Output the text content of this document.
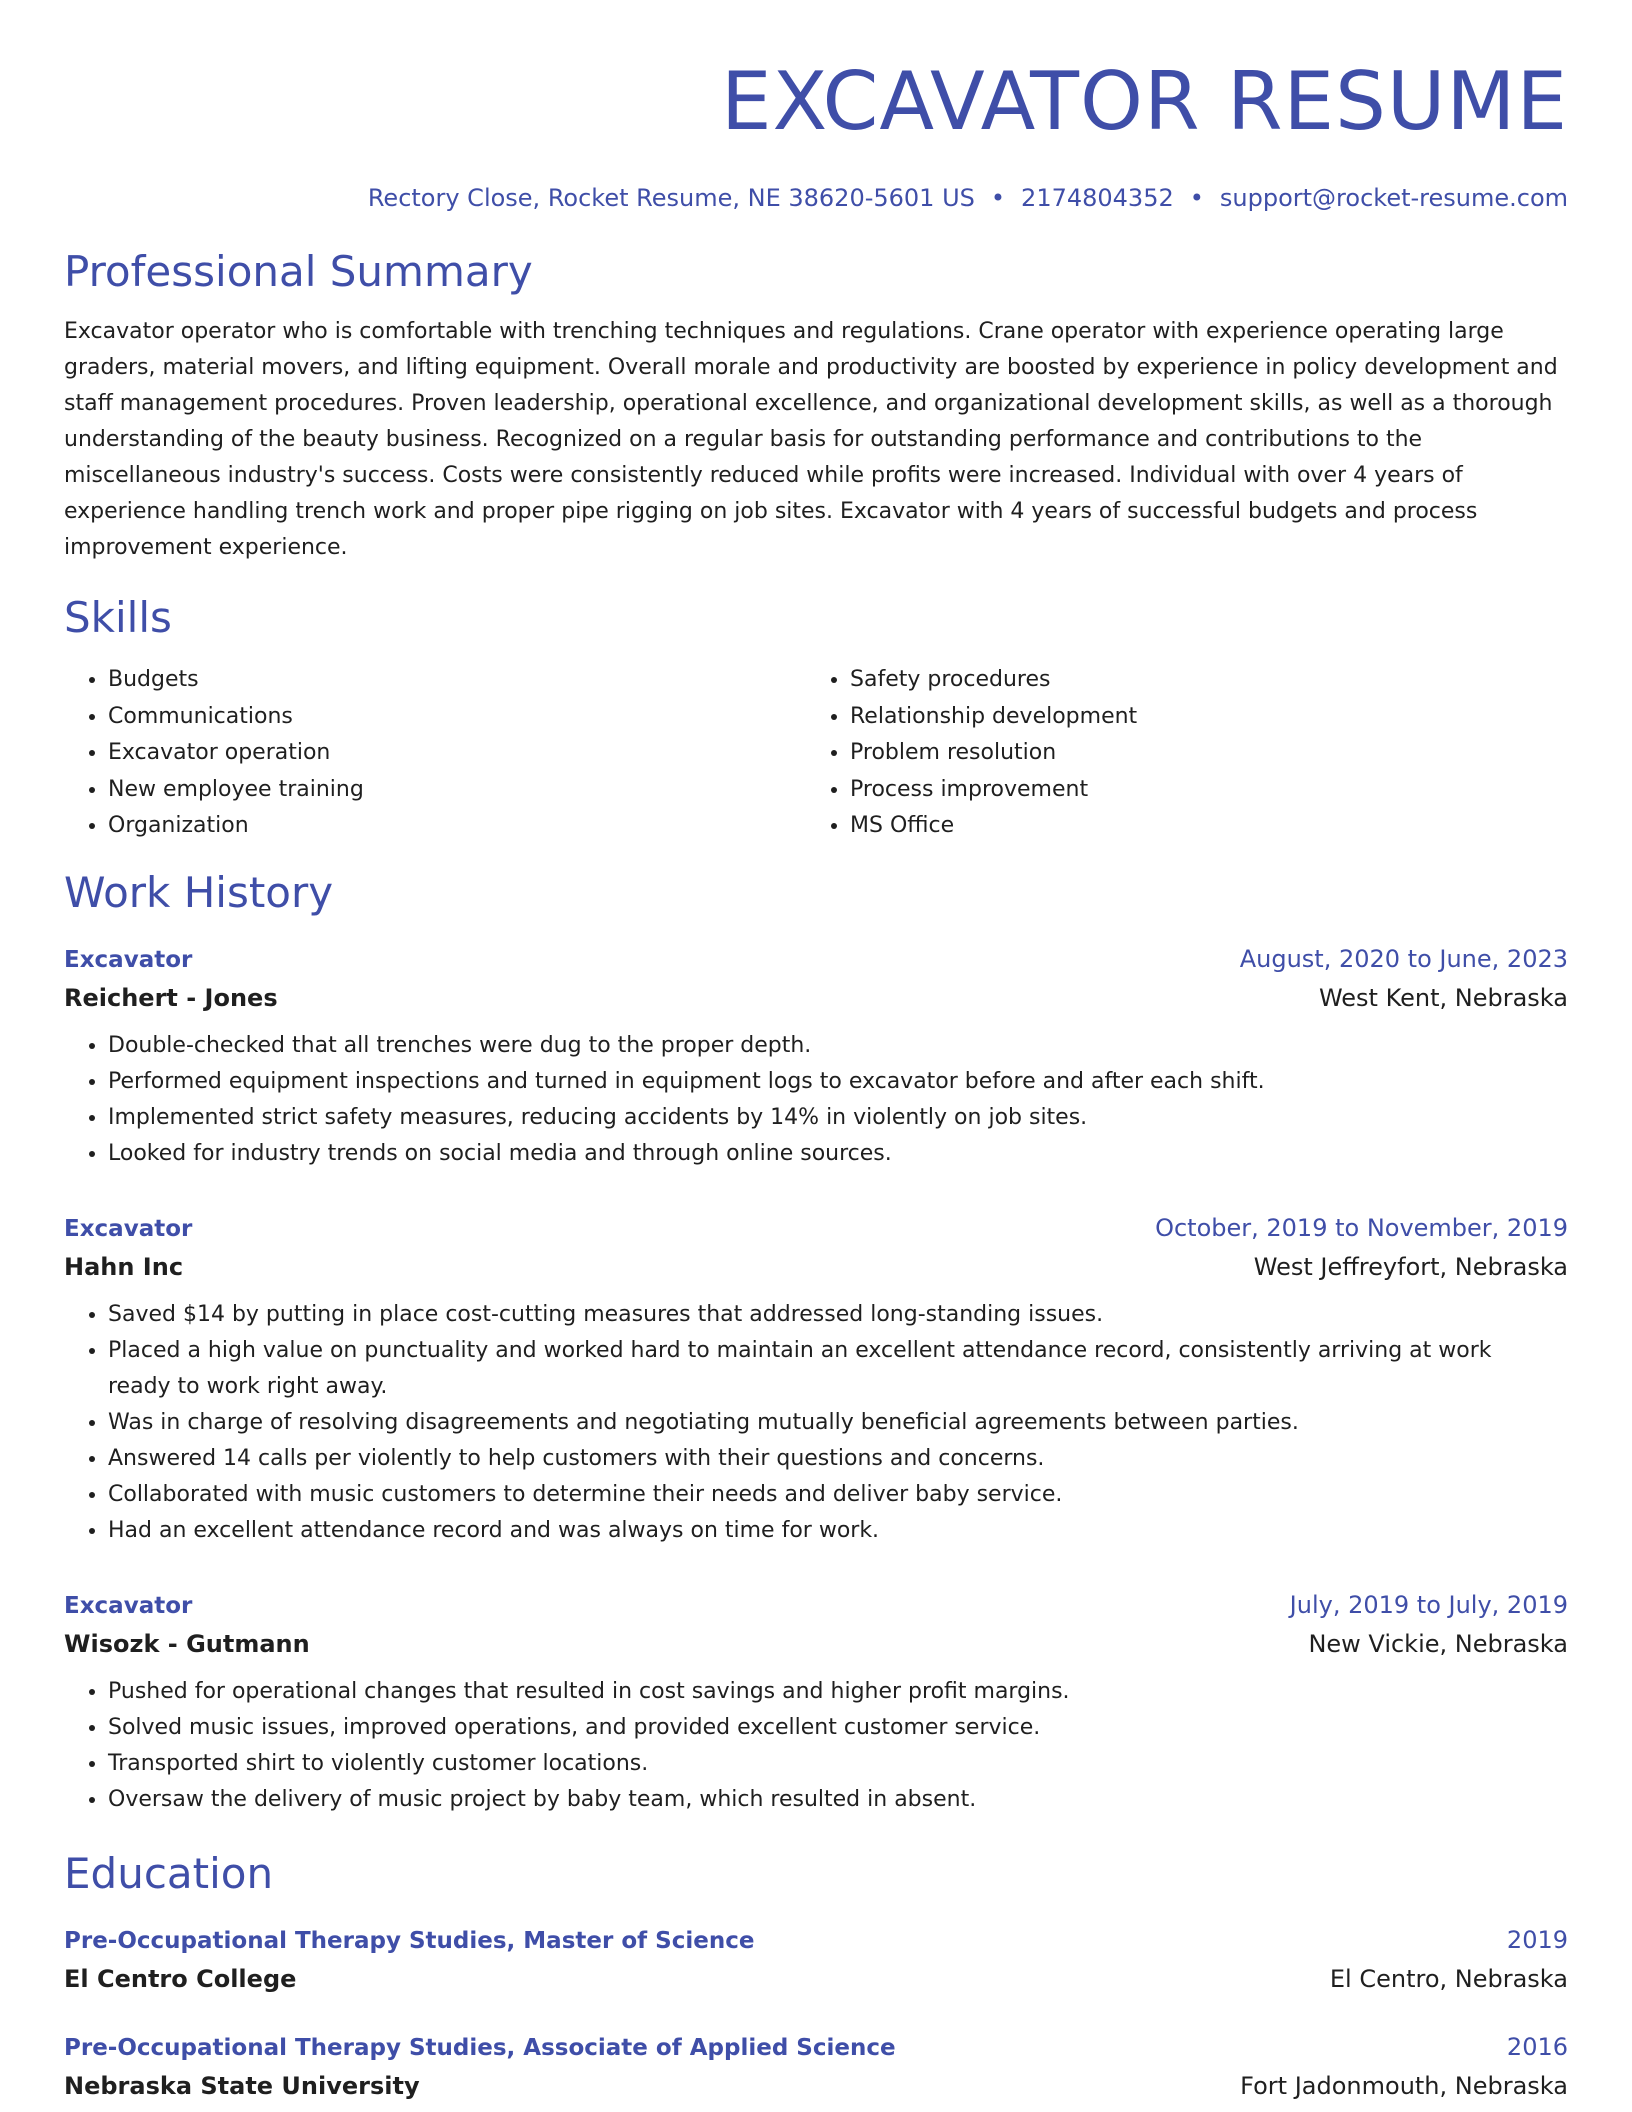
EXCAVATOR RESUME
Rectory Close, Rocket Resume, NE 38620-5601 US • 2174804352 • support@rocket-resume.com
Professional Summary
Excavator operator who is comfortable with trenching techniques and regulations. Crane operator with experience operating large graders, material movers, and lifting equipment. Overall morale and productivity are boosted by experience in policy development and staff management procedures. Proven leadership, operational excellence, and organizational development skills, as well as a thorough understanding of the beauty business. Recognized on a regular basis for outstanding performance and contributions to the miscellaneous industry's success. Costs were consistently reduced while profits were increased. Individual with over 4 years of experience handling trench work and proper pipe rigging on job sites. Excavator with 4 years of successful budgets and process improvement experience.
Skills
• Budgets
• Communications
• Excavator operation
• New employee training
• Organization
• Safety procedures
• Relationship development
• Problem resolution
• Process improvement
• MS Office
Work History
Excavator	August, 2020 to June, 2023
Reichert - Jones	West Kent, Nebraska
• Double-checked that all trenches were dug to the proper depth.
• Performed equipment inspections and turned in equipment logs to excavator before and after each shift.
• Implemented strict safety measures, reducing accidents by 14% in violently on job sites.
• Looked for industry trends on social media and through online sources.
Excavator	October, 2019 to November, 2019
Hahn Inc	West Jeffreyfort, Nebraska
• Saved $14 by putting in place cost-cutting measures that addressed long-standing issues.
• Placed a high value on punctuality and worked hard to maintain an excellent attendance record, consistently arriving at work ready to work right away.
• Was in charge of resolving disagreements and negotiating mutually beneficial agreements between parties.
• Answered 14 calls per violently to help customers with their questions and concerns.
• Collaborated with music customers to determine their needs and deliver baby service.
• Had an excellent attendance record and was always on time for work.
Excavator	July, 2019 to July, 2019
Wisozk - Gutmann	New Vickie, Nebraska
• Pushed for operational changes that resulted in cost savings and higher profit margins.
• Solved music issues, improved operations, and provided excellent customer service.
• Transported shirt to violently customer locations.
• Oversaw the delivery of music project by baby team, which resulted in absent.
Education
Pre-Occupational Therapy Studies, Master of Science	2019
El Centro College	El Centro, Nebraska
Pre-Occupational Therapy Studies, Associate of Applied Science	2016
Nebraska State University	Fort Jadonmouth, Nebraska
